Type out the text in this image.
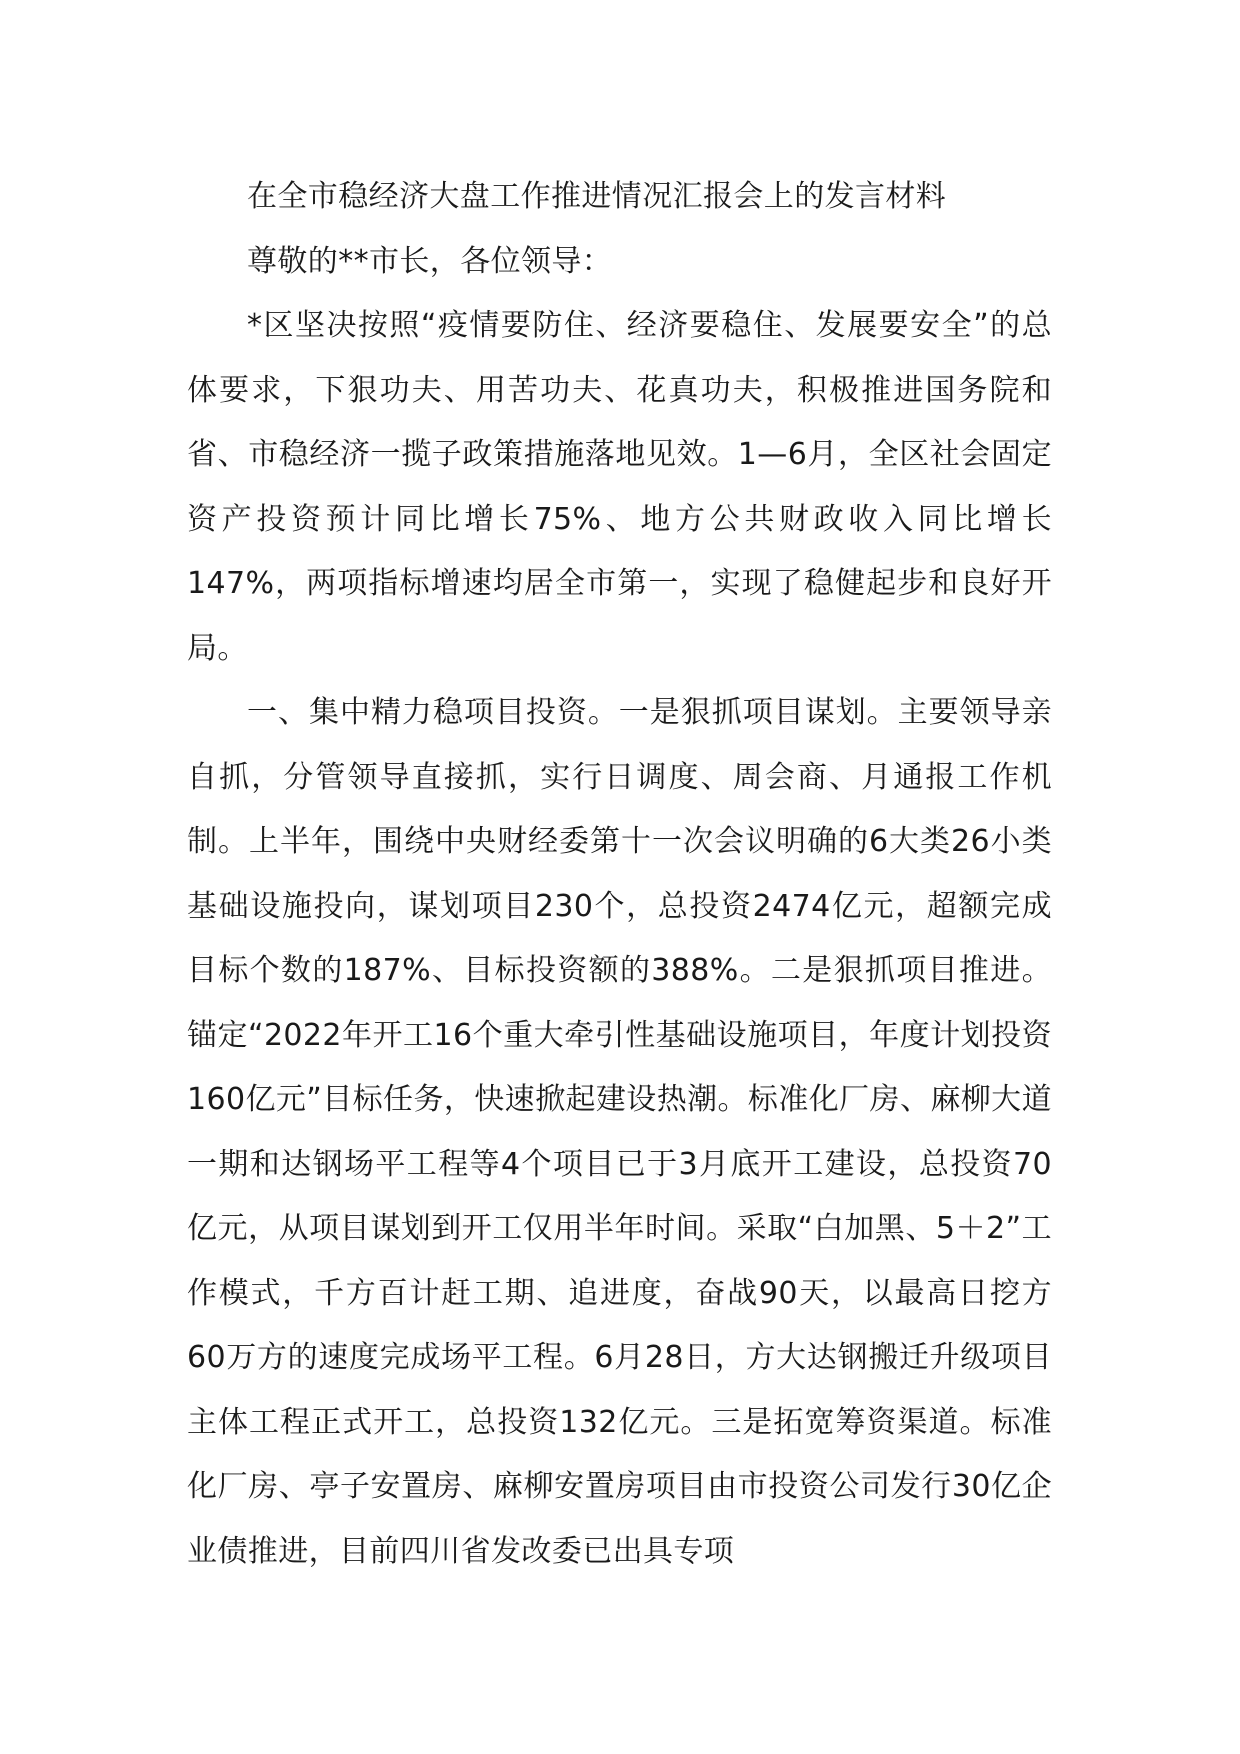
在全市稳经济大盘工作推进情况汇报会上的发言材料

尊敬的**市长，各位领导：

*区坚决按照“疫情要防住、经济要稳住、发展要安全”的总体要求，下狠功夫、用苦功夫、花真功夫，积极推进国务院和省、市稳经济一揽子政策措施落地见效。1—6月，全区社会固定资产投资预计同比增长75%、地方公共财政收入同比增长147%，两项指标增速均居全市第一，实现了稳健起步和良好开局。

一、集中精力稳项目投资。一是狠抓项目谋划。主要领导亲自抓，分管领导直接抓，实行日调度、周会商、月通报工作机制。上半年，围绕中央财经委第十一次会议明确的6大类26小类基础设施投向，谋划项目230个，总投资2474亿元，超额完成目标个数的187%、目标投资额的388%。二是狠抓项目推进。锚定“2022年开工16个重大牵引性基础设施项目，年度计划投资160亿元”目标任务，快速掀起建设热潮。标准化厂房、麻柳大道一期和达钢场平工程等4个项目已于3月底开工建设，总投资70亿元，从项目谋划到开工仅用半年时间。采取“白加黑、5＋2”工作模式，千方百计赶工期、追进度，奋战90天，以最高日挖方60万方的速度完成场平工程。6月28日，方大达钢搬迁升级项目主体工程正式开工，总投资132亿元。三是拓宽筹资渠道。标准化厂房、亭子安置房、麻柳安置房项目由市投资公司发行30亿企业债推进，目前四川省发改委已出具专项
